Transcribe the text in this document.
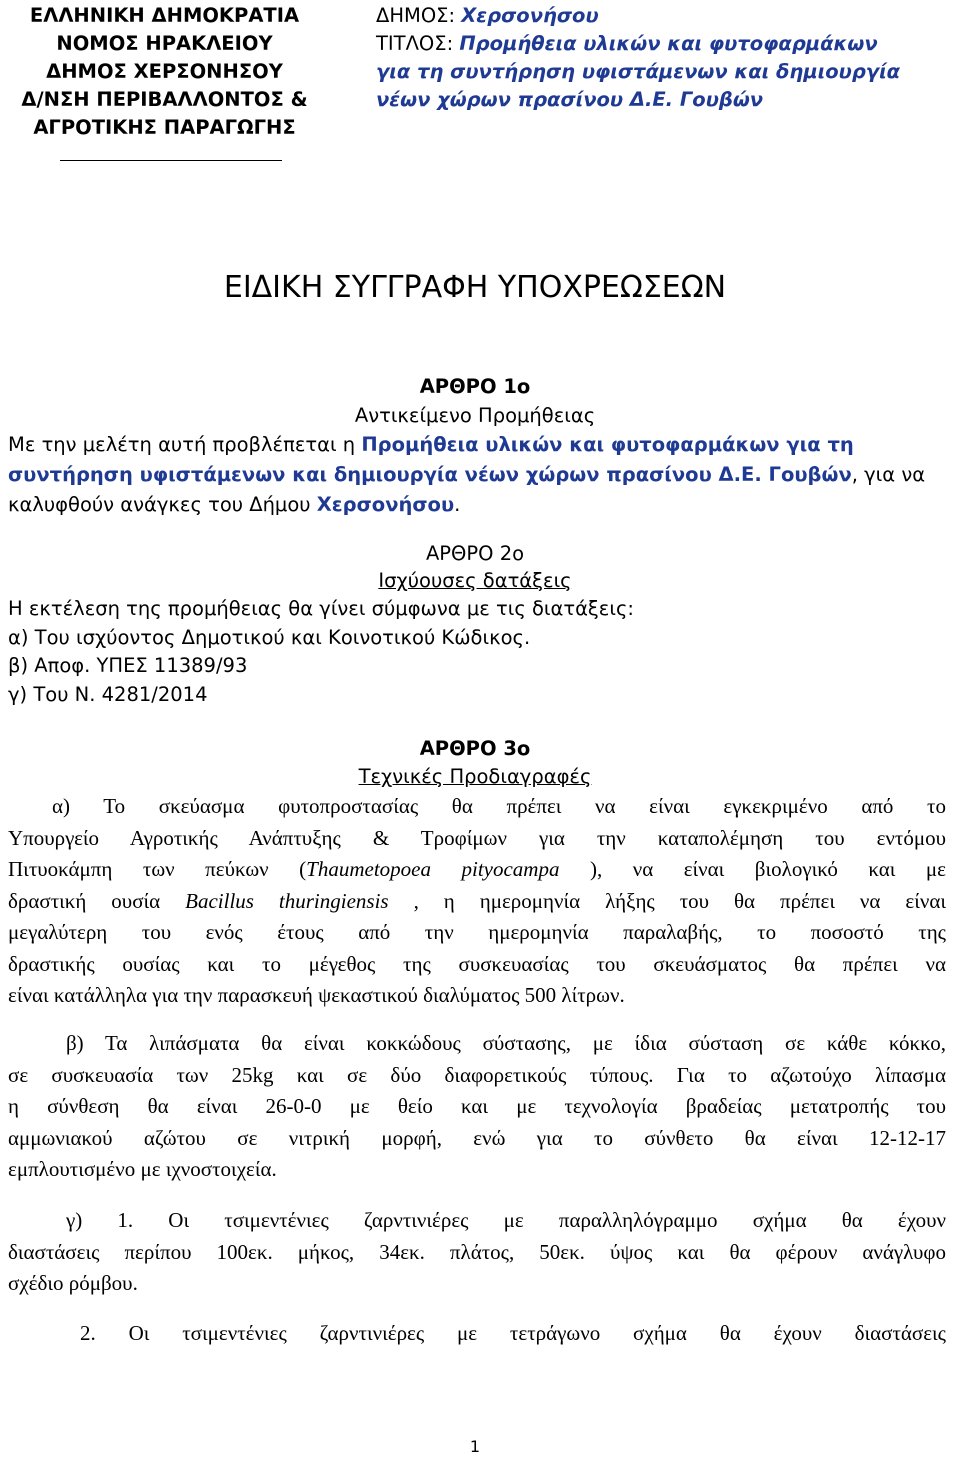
ΕΛΛΗΝΙΚΗ ΔΗΜΟΚΡΑΤΙΑ
ΝΟΜΟΣ ΗΡΑΚΛΕΙΟΥ
ΔΗΜΟΣ ΧΕΡΣΟΝΗΣΟΥ
Δ/ΝΣΗ ΠΕΡΙΒΑΛΛΟΝΤΟΣ &
ΑΓΡΟΤΙΚΗΣ ΠΑΡΑΓΩΓΗΣ
ΔΗΜΟΣ: Χερσονήσου
ΤΙΤΛΟΣ: Προμήθεια υλικών και φυτοφαρμάκων
για τη συντήρηση υφιστάμενων και δημιουργία
νέων χώρων πρασίνου Δ.Ε. Γουβών
ΕΙΔΙΚΗ ΣΥΓΓΡΑΦΗ ΥΠΟΧΡΕΩΣΕΩΝ
ΑΡΘΡΟ 1ο
Αντικείμενο Προμήθειας
Με την μελέτη αυτή προβλέπεται η Προμήθεια υλικών και φυτοφαρμάκων για τη συντήρηση υφιστάμενων και δημιουργία νέων χώρων πρασίνου Δ.Ε. Γουβών, για να καλυφθούν ανάγκες του Δήμου Χερσονήσου.
ΑΡΘΡΟ 2ο
Ισχύουσες δατάξεις
Η εκτέλεση της προμήθειας θα γίνει σύμφωνα με τις διατάξεις:
α) Του ισχύοντος Δημοτικού και Κοινοτικού Κώδικος.
β) Αποφ. ΥΠΕΣ 11389/93
γ) Του Ν. 4281/2014
ΑΡΘΡΟ 3ο
Τεχνικές Προδιαγραφές
α) Το σκεύασμα φυτοπροστασίας θα πρέπει να είναι εγκεκριμένο από το
Υπουργείο Αγροτικής Ανάπτυξης & Τροφίμων για την καταπολέμηση του εντόμου
Πιτυοκάμπη των πεύκων (Thaumetopoea pityocampa ), να είναι βιολογικό και με
δραστική ουσία Bacillus thuringiensis , η ημερομηνία λήξης του θα πρέπει να είναι
μεγαλύτερη του ενός έτους από την ημερομηνία παραλαβής, το ποσοστό της
δραστικής ουσίας και το μέγεθος της συσκευασίας του σκευάσματος θα πρέπει να
είναι κατάλληλα για την παρασκευή ψεκαστικού διαλύματος 500 λίτρων.
β) Τα λιπάσματα θα είναι κοκκώδους σύστασης, με ίδια σύσταση σε κάθε κόκκο,
σε συσκευασία των 25kg και σε δύο διαφορετικούς τύπους. Για το αζωτούχο λίπασμα
η σύνθεση θα είναι 26-0-0 με θείο και με τεχνολογία βραδείας μετατροπής του
αμμωνιακού αζώτου σε νιτρική μορφή, ενώ για το σύνθετο θα είναι 12-12-17
εμπλουτισμένο με ιχνοστοιχεία.
γ) 1. Οι τσιμεντένιες ζαρντινιέρες με παραλληλόγραμμο σχήμα θα έχουν
διαστάσεις περίπου 100εκ. μήκος, 34εκ. πλάτος, 50εκ. ύψος και θα φέρουν ανάγλυφο
σχέδιο ρόμβου.
2. Οι τσιμεντένιες ζαρντινιέρες με τετράγωνο σχήμα θα έχουν διαστάσεις
1
